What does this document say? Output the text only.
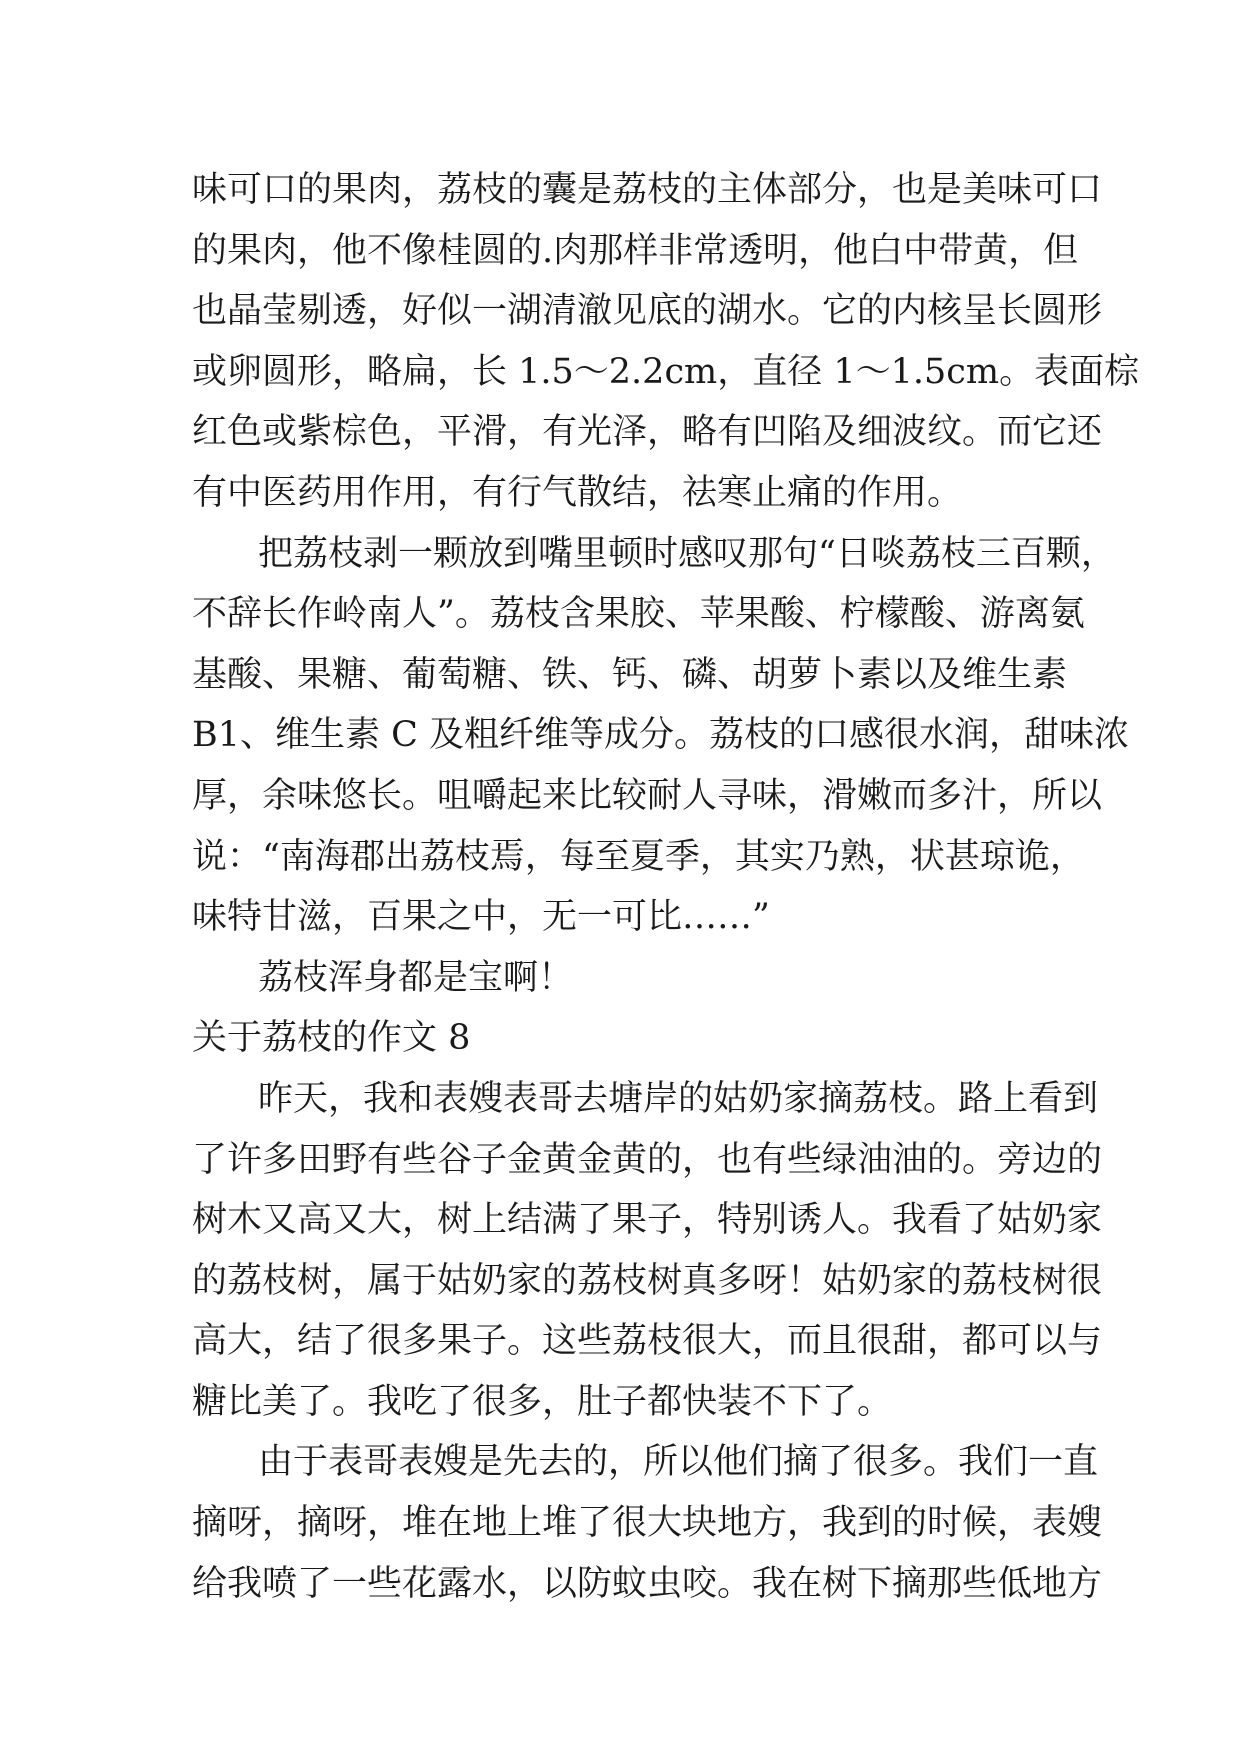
味可口的果肉，荔枝的囊是荔枝的主体部分，也是美味可口
的果肉，他不像桂圆的.肉那样非常透明，他白中带黄，但
也晶莹剔透，好似一湖清澈见底的湖水。它的内核呈长圆形
或卵圆形，略扁，长 1.5～2.2cm，直径 1～1.5cm。表面棕
红色或紫棕色，平滑，有光泽，略有凹陷及细波纹。而它还
有中医药用作用，有行气散结，祛寒止痛的作用。
把荔枝剥一颗放到嘴里顿时感叹那句“日啖荔枝三百颗，
不辞长作岭南人”。荔枝含果胶、苹果酸、柠檬酸、游离氨
基酸、果糖、葡萄糖、铁、钙、磷、胡萝卜素以及维生素
B1、维生素 C 及粗纤维等成分。荔枝的口感很水润，甜味浓
厚，余味悠长。咀嚼起来比较耐人寻味，滑嫩而多汁，所以
说：“南海郡出荔枝焉，每至夏季，其实乃熟，状甚琼诡，
味特甘滋，百果之中，无一可比……”
荔枝浑身都是宝啊！
关于荔枝的作文 8
昨天，我和表嫂表哥去塘岸的姑奶家摘荔枝。路上看到
了许多田野有些谷子金黄金黄的，也有些绿油油的。旁边的
树木又高又大，树上结满了果子，特别诱人。我看了姑奶家
的荔枝树，属于姑奶家的荔枝树真多呀！姑奶家的荔枝树很
高大，结了很多果子。这些荔枝很大，而且很甜，都可以与
糖比美了。我吃了很多，肚子都快装不下了。
由于表哥表嫂是先去的，所以他们摘了很多。我们一直
摘呀，摘呀，堆在地上堆了很大块地方，我到的时候，表嫂
给我喷了一些花露水，以防蚊虫咬。我在树下摘那些低地方
